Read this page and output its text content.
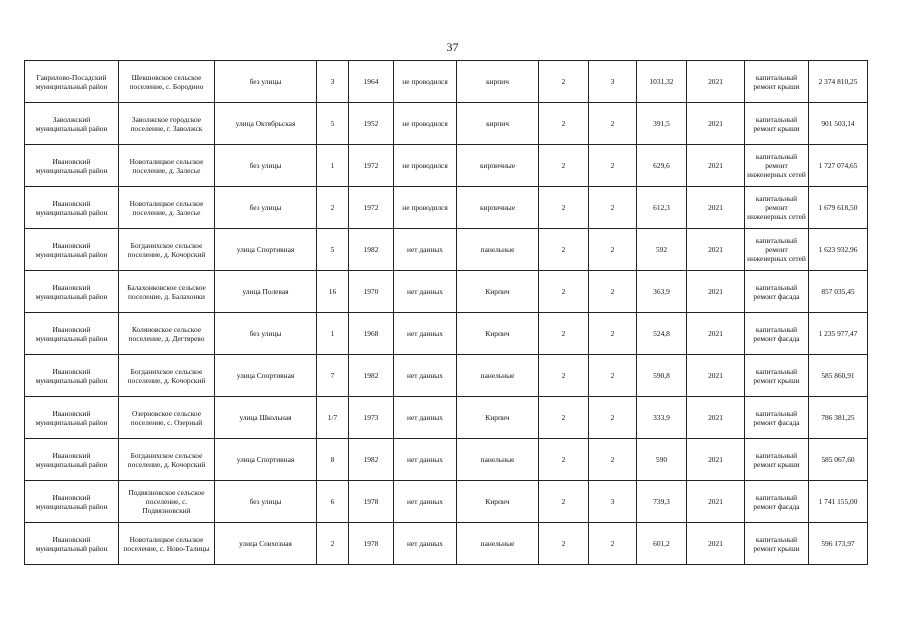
37
Гаврилово-Посадский муниципальный район	Шекшовское сельское поселение, с. Бородино	без улицы	3	1964	не проводился	кирпич	2	3	1031,32	2021	капитальный ремонт крыши	2 374 810,25
Заволжский муниципальный район	Заволжское городское поселение, г. Заволжск	улица Октябрьская	5	1952	не проводился	кирпич	2	2	391,5	2021	капитальный ремонт крыши	901 503,14
Ивановский муниципальный район	Новоталицкое сельское поселение, д. Залесье	без улицы	1	1972	не проводился	кирпичные	2	2	629,6	2021	капитальный ремонт инженерных сетей	1 727 074,65
Ивановский муниципальный район	Новоталицкое сельское поселение, д. Залесье	без улицы	2	1972	не проводился	кирпичные	2	2	612,3	2021	капитальный ремонт инженерных сетей	1 679 618,50
Ивановский муниципальный район	Богданихское сельское поселение, д. Кочорский	улица Спортивная	5	1982	нет данных	панельные	2	2	592	2021	капитальный ремонт инженерных сетей	1 623 932,96
Ивановский муниципальный район	Балахонковское сельское поселение, д. Балахонки	улица Полевая	16	1970	нет данных	Кирпич	2	2	363,9	2021	капитальный ремонт фасада	857 035,45
Ивановский муниципальный район	Коляновское сельское поселение, д. Дегтярево	без улицы	1	1968	нет данных	Кирпич	2	2	524,8	2021	капитальный ремонт фасада	1 235 977,47
Ивановский муниципальный район	Богданихское сельское поселение, д. Кочорский	улица Спортивная	7	1982	нет данных	панельные	2	2	590,8	2021	капитальный ремонт крыши	585 860,91
Ивановский муниципальный район	Озерновское сельское поселение, с. Озерный	улица Школьная	1/7	1973	нет данных	Кирпич	2	2	333,9	2021	капитальный ремонт фасада	786 381,25
Ивановский муниципальный район	Богданихское сельское поселение, д. Кочорский	улица Спортивная	8	1982	нет данных	панельные	2	2	590	2021	капитальный ремонт крыши	585 067,60
Ивановский муниципальный район	Подвязновское сельское поселение, с. Подвязновский	без улицы	6	1978	нет данных	Кирпич	2	3	739,3	2021	капитальный ремонт фасада	1 741 155,00
Ивановский муниципальный район	Новоталицкое сельское поселение, с. Ново-Талицы	улица Совхозная	2	1978	нет данных	панельные	2	2	601,2	2021	капитальный ремонт крыши	596 173,97
